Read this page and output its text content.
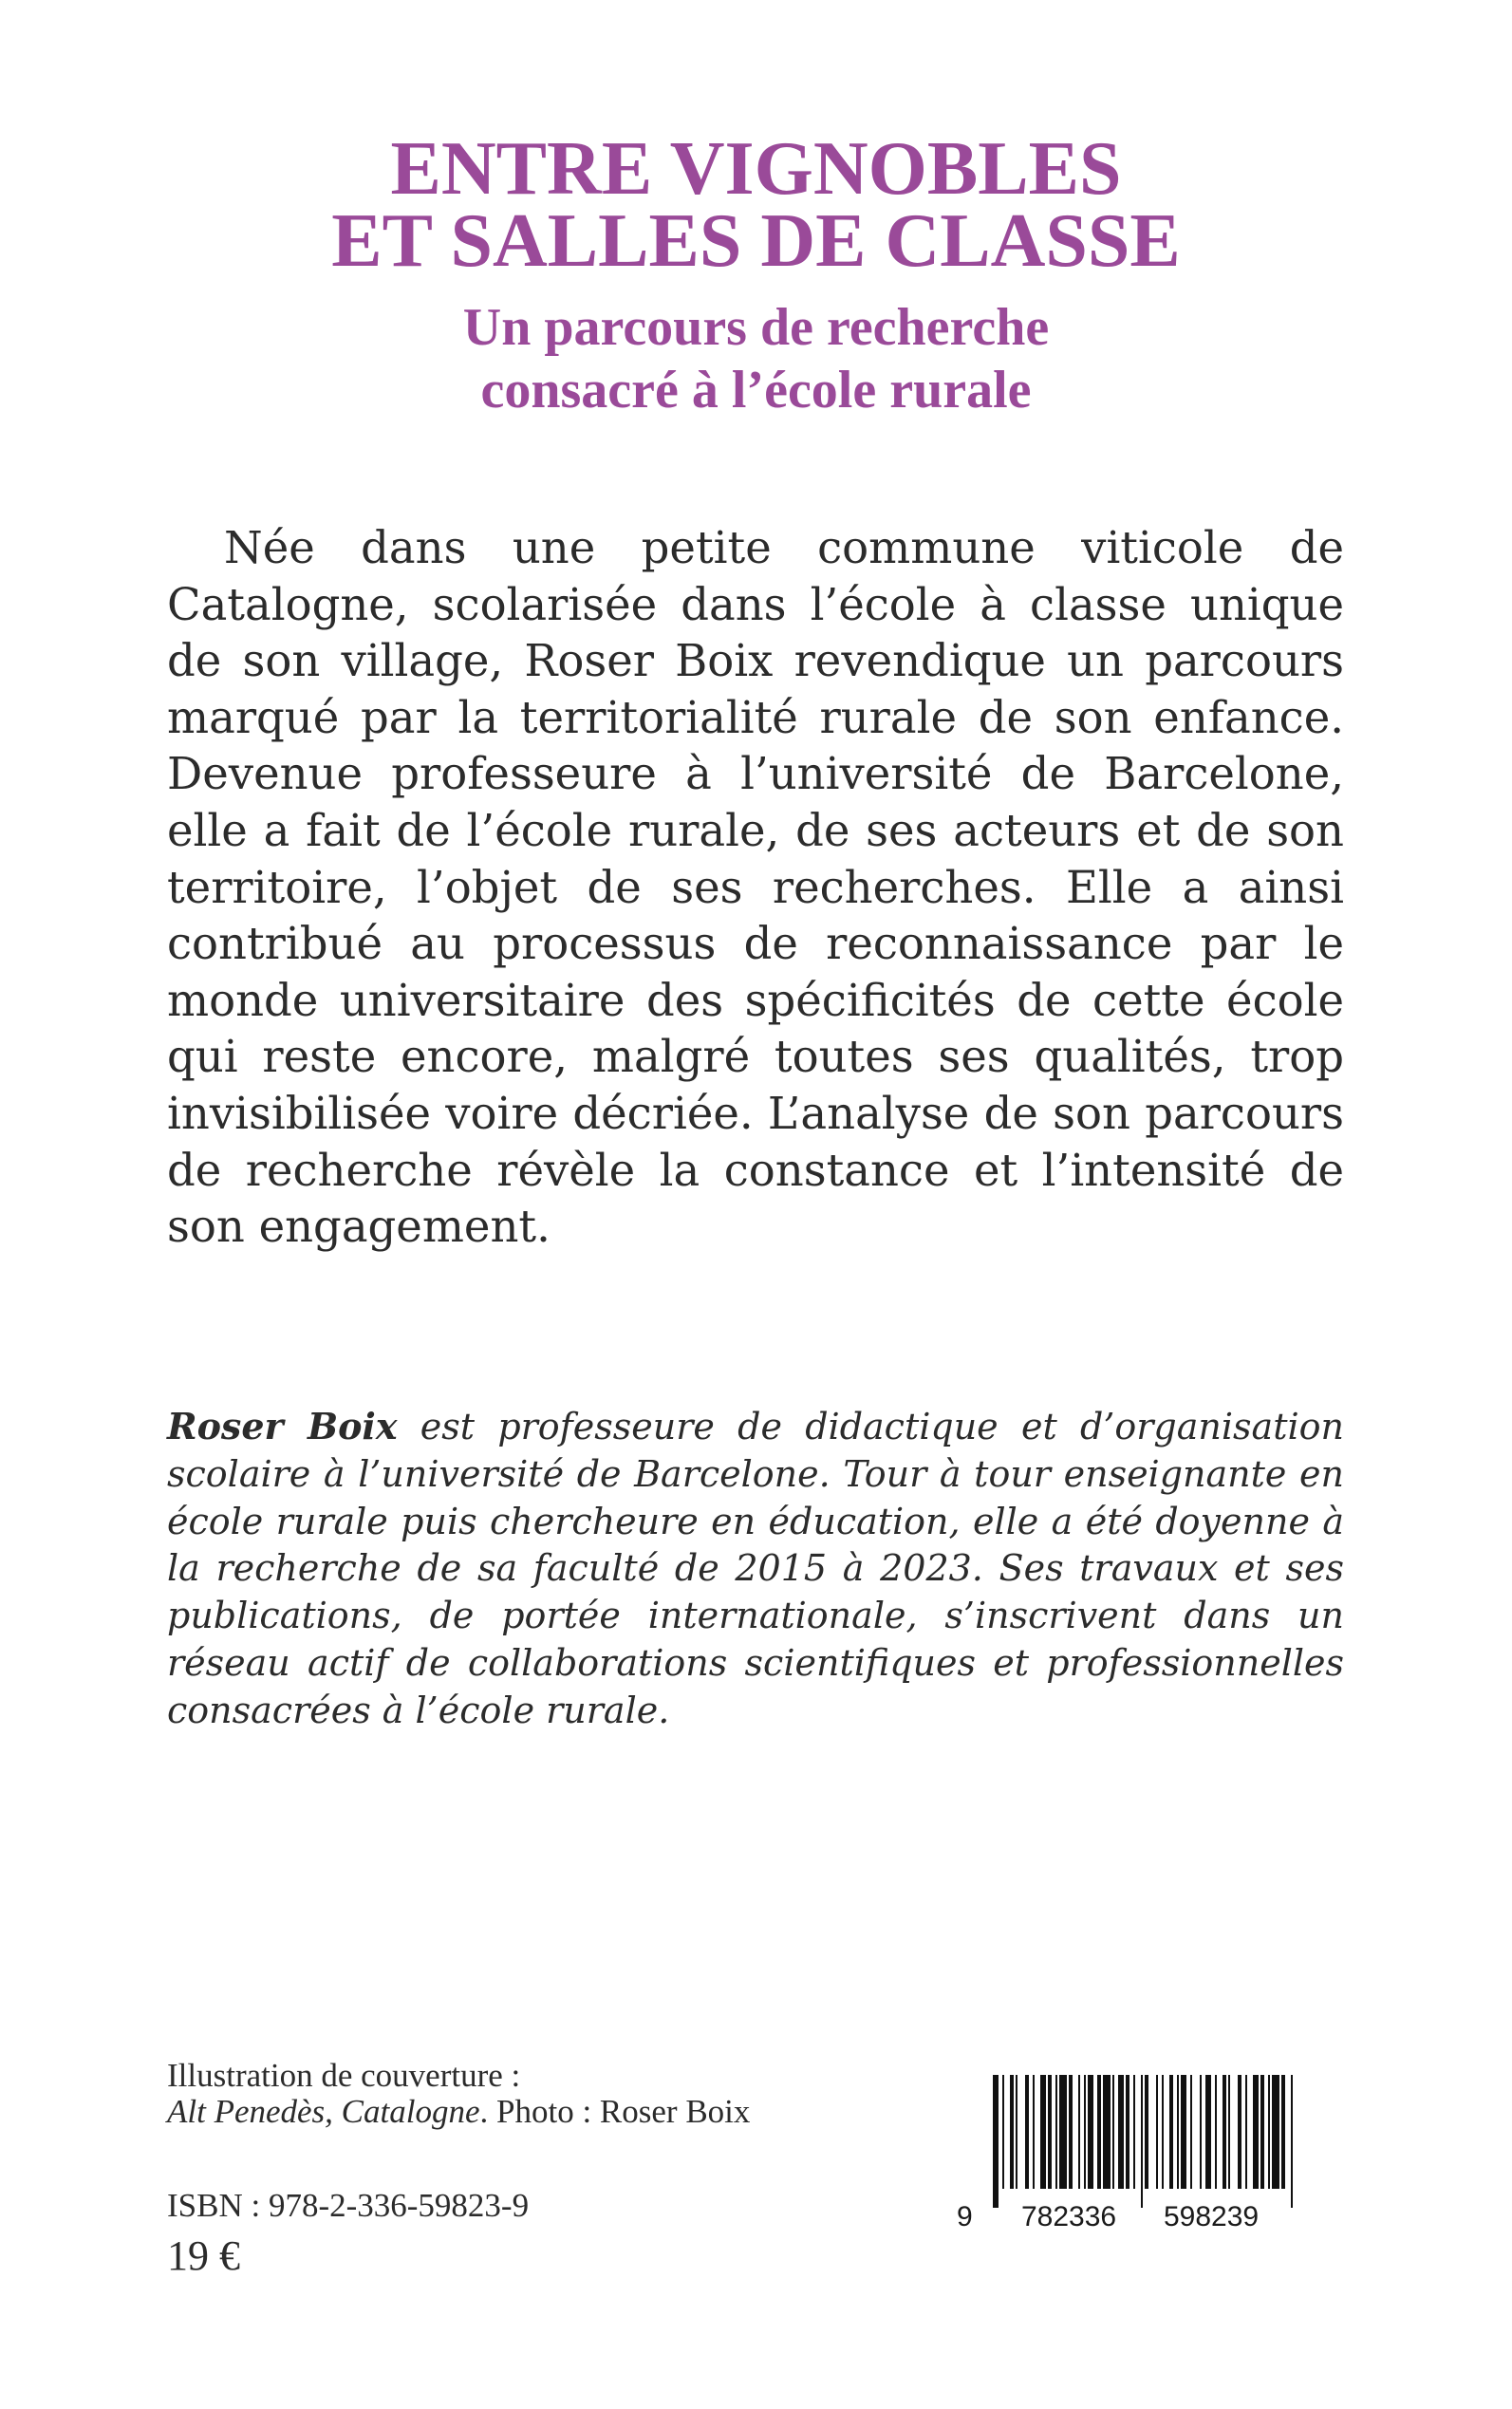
ENTRE VIGNOBLES
ET SALLES DE CLASSE
Un parcours de recherche
consacré à l’école rurale
Née dans une petite commune viticole de Catalogne, scolarisée dans l’école à classe unique de son village, Roser Boix revendique un parcours marqué par la territorialité rurale de son enfance. Devenue professeure à l’université de Barcelone, elle a fait de l’école rurale, de ses acteurs et de son territoire, l’objet de ses recherches. Elle a ainsi contribué au processus de reconnaissance par le monde universitaire des spécificités de cette école qui reste encore, malgré toutes ses qualités, trop invisibilisée voire décriée. L’analyse de son parcours de recherche révèle la constance et l’intensité de son engagement.
Roser Boix est professeure de didactique et d’organisation scolaire à l’université de Barcelone. Tour à tour enseignante en école rurale puis chercheure en éducation, elle a été doyenne à la recherche de sa faculté de 2015 à 2023. Ses travaux et ses publications, de portée internationale, s’inscrivent dans un réseau actif de collaborations scientifiques et professionnelles consacrées à l’école rurale.
Illustration de couverture :
Alt Penedès, Catalogne. Photo : Roser Boix
ISBN : 978-2-336-59823-9
19 €
9 782336 598239
